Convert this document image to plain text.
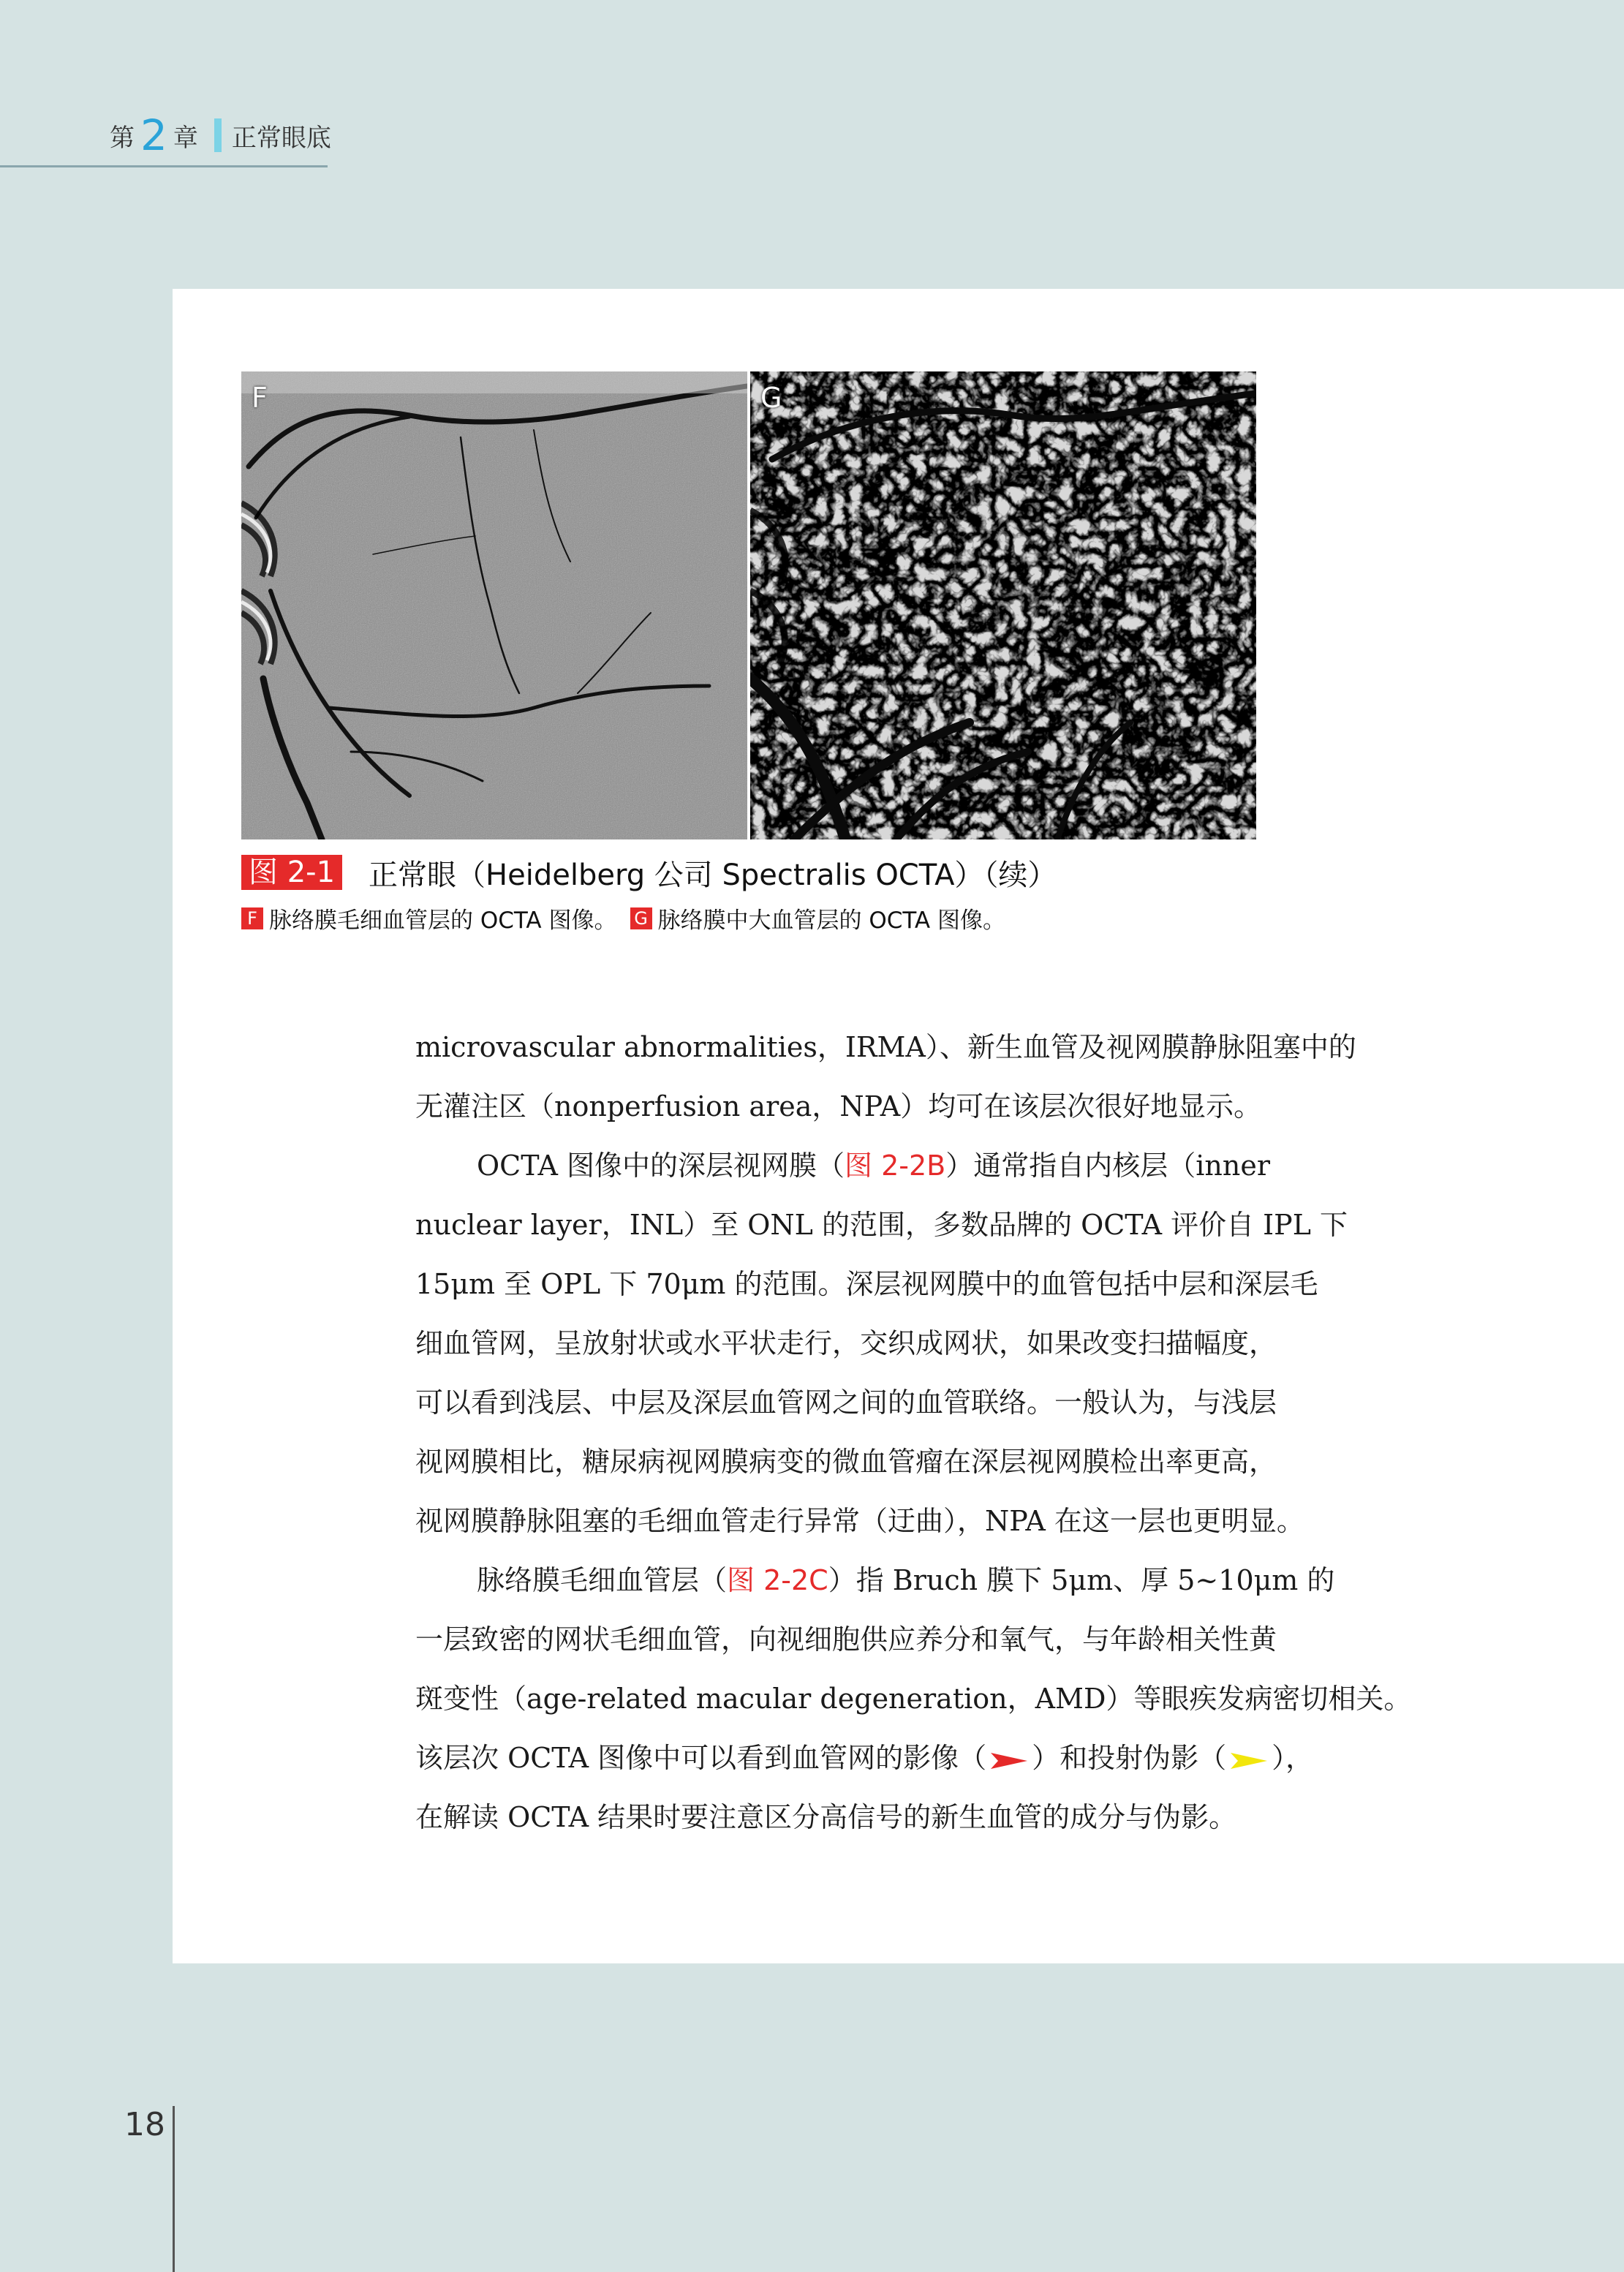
第 2 章 正常眼底
F	G
图 2-1 正常眼（Heidelberg 公司 Spectralis OCTA）（续）
F 脉络膜毛细血管层的 OCTA 图像。 G 脉络膜中大血管层的 OCTA 图像。
microvascular abnormalities，IRMA）、新生血管及视网膜静脉阻塞中的
无灌注区（nonperfusion area，NPA）均可在该层次很好地显示。
OCTA 图像中的深层视网膜（图 2-2B）通常指自内核层（inner
nuclear layer，INL）至 ONL 的范围，多数品牌的 OCTA 评价自 IPL 下
15μm 至 OPL 下 70μm 的范围。深层视网膜中的血管包括中层和深层毛
细血管网，呈放射状或水平状走行，交织成网状，如果改变扫描幅度，
可以看到浅层、中层及深层血管网之间的血管联络。一般认为，与浅层
视网膜相比，糖尿病视网膜病变的微血管瘤在深层视网膜检出率更高，
视网膜静脉阻塞的毛细血管走行异常（迂曲），NPA 在这一层也更明显。
脉络膜毛细血管层（图 2-2C）指 Bruch 膜下 5μm、厚 5~10μm 的
一层致密的网状毛细血管，向视细胞供应养分和氧气，与年龄相关性黄
斑变性（age-related macular degeneration，AMD）等眼疾发病密切相关。
该层次 OCTA 图像中可以看到血管网的影像（ ）和投射伪影（ ），
在解读 OCTA 结果时要注意区分高信号的新生血管的成分与伪影。
18
